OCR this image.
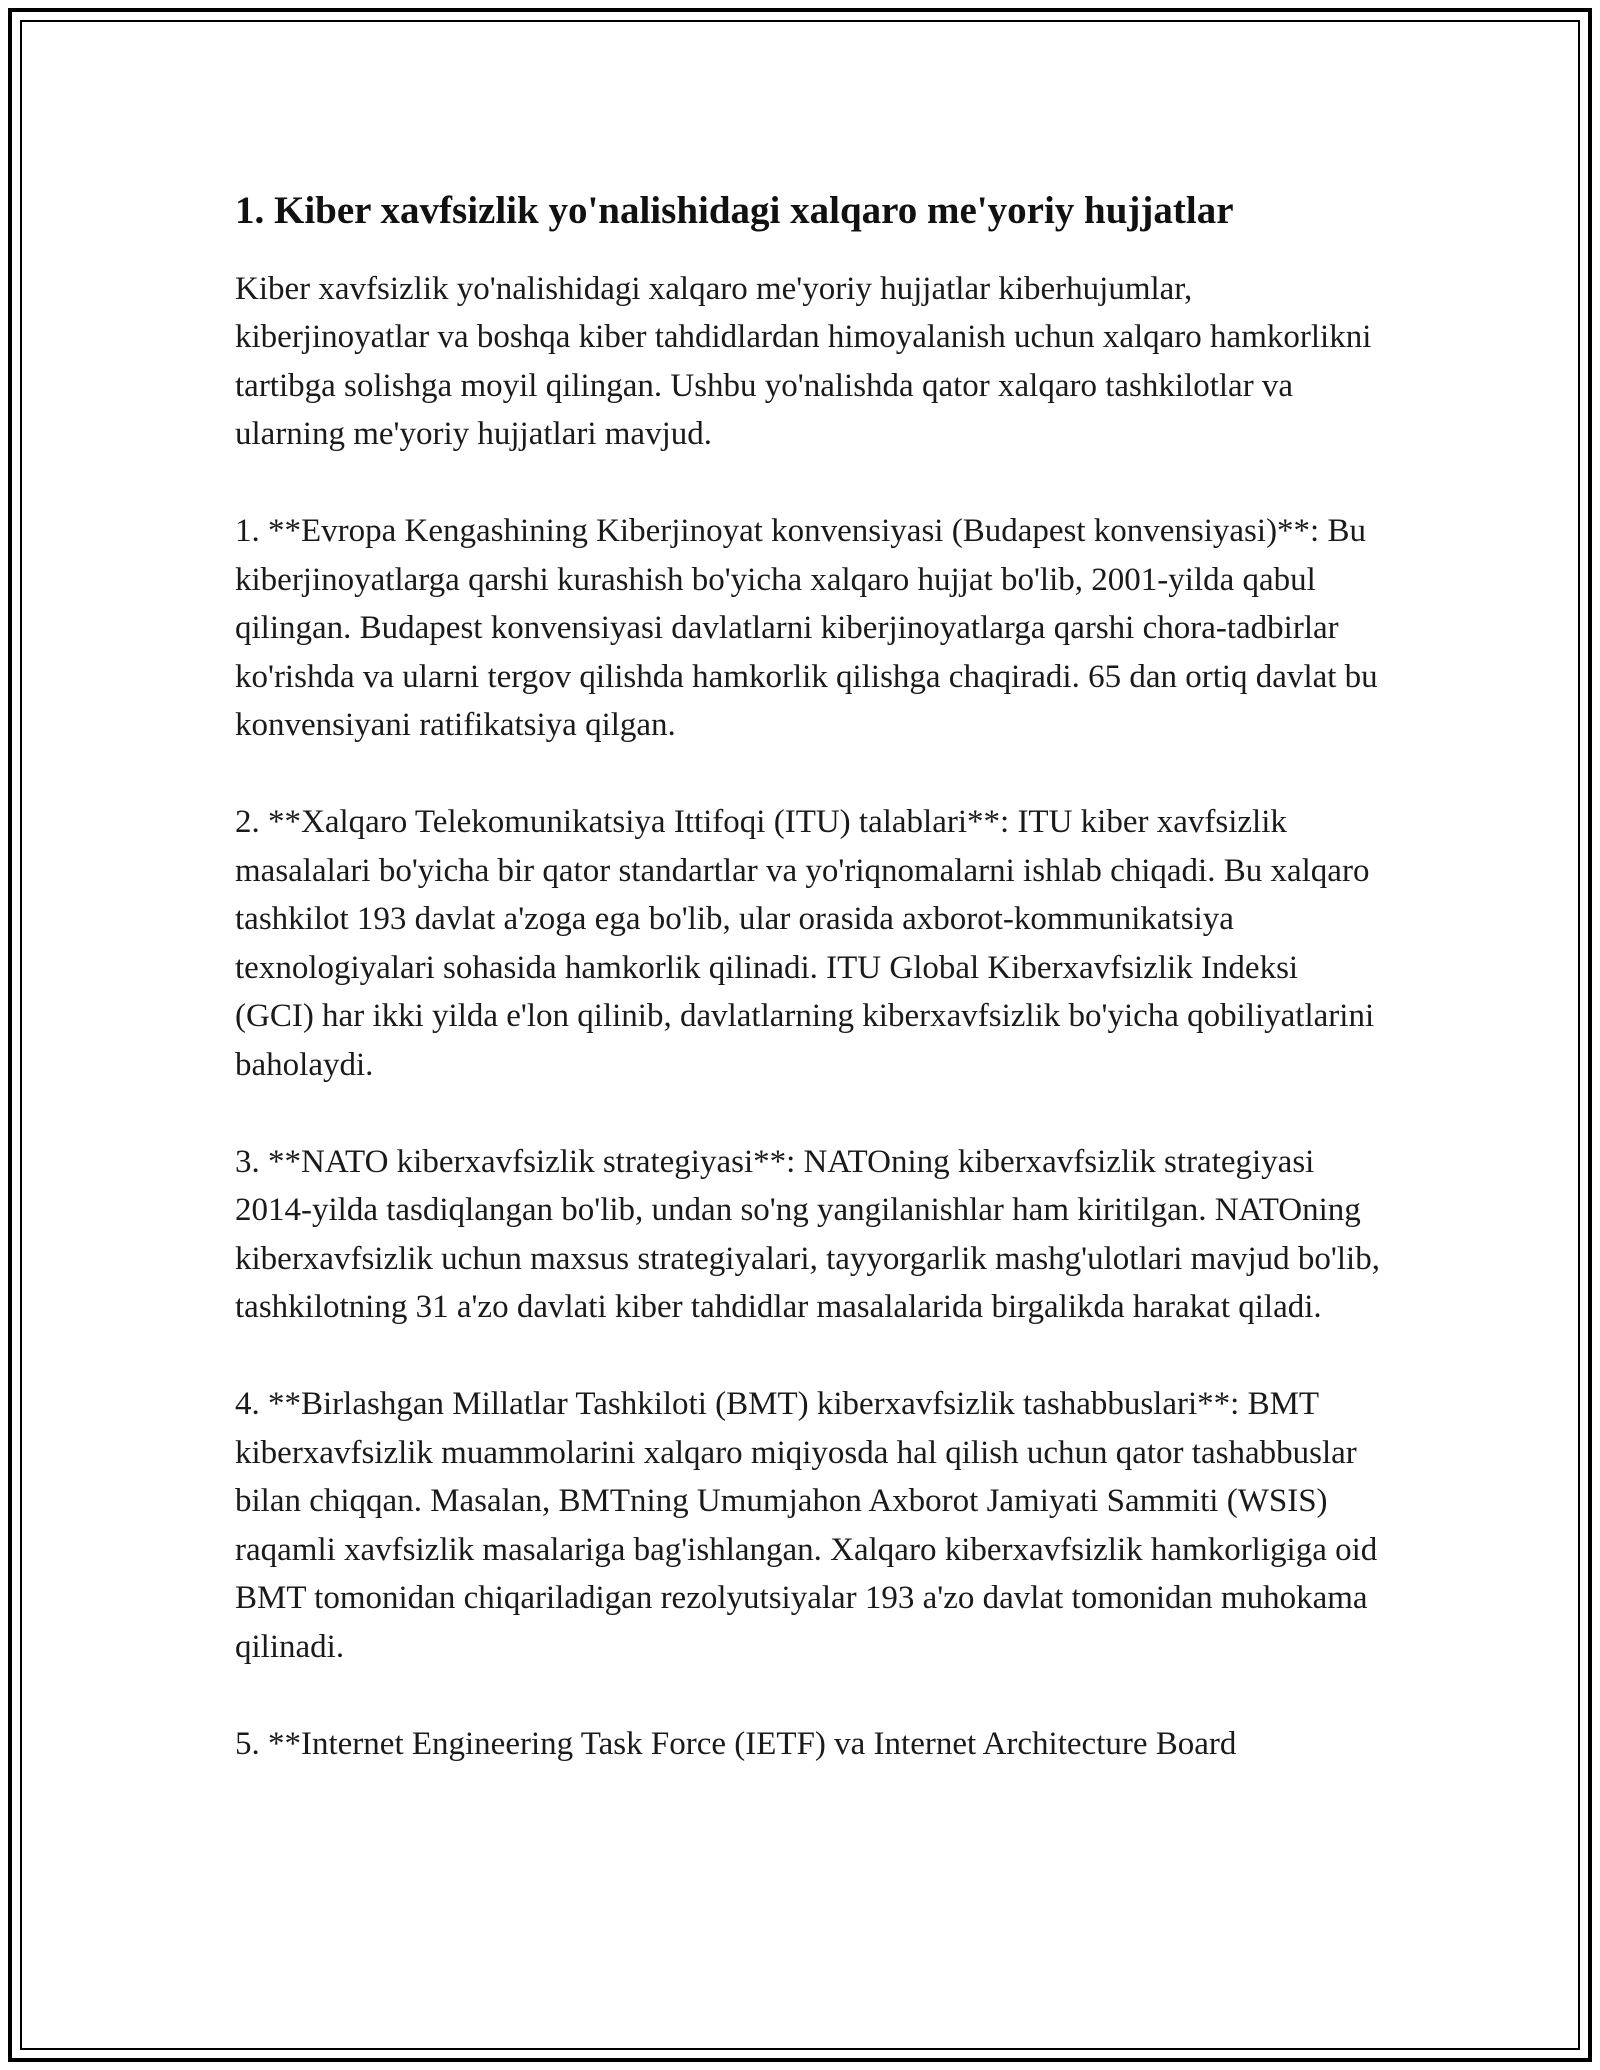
1. Kiber xavfsizlik yo'nalishidagi xalqaro me'yoriy hujjatlar

Kiber xavfsizlik yo'nalishidagi xalqaro me'yoriy hujjatlar kiberhujumlar, kiberjinoyatlar va boshqa kiber tahdidlardan himoyalanish uchun xalqaro hamkorlikni tartibga solishga moyil qilingan. Ushbu yo'nalishda qator xalqaro tashkilotlar va ularning me'yoriy hujjatlari mavjud.

1. **Evropa Kengashining Kiberjinoyat konvensiyasi (Budapest konvensiyasi)**: Bu kiberjinoyatlarga qarshi kurashish bo'yicha xalqaro hujjat bo'lib, 2001-yilda qabul qilingan. Budapest konvensiyasi davlatlarni kiberjinoyatlarga qarshi chora-tadbirlar ko'rishda va ularni tergov qilishda hamkorlik qilishga chaqiradi. 65 dan ortiq davlat bu konvensiyani ratifikatsiya qilgan.

2. **Xalqaro Telekomunikatsiya Ittifoqi (ITU) talablari**: ITU kiber xavfsizlik masalalari bo'yicha bir qator standartlar va yo'riqnomalarni ishlab chiqadi. Bu xalqaro tashkilot 193 davlat a'zoga ega bo'lib, ular orasida axborot-kommunikatsiya texnologiyalari sohasida hamkorlik qilinadi. ITU Global Kiberxavfsizlik Indeksi (GCI) har ikki yilda e'lon qilinib, davlatlarning kiberxavfsizlik bo'yicha qobiliyatlarini baholaydi.

3. **NATO kiberxavfsizlik strategiyasi**: NATOning kiberxavfsizlik strategiyasi 2014-yilda tasdiqlangan bo'lib, undan so'ng yangilanishlar ham kiritilgan. NATOning kiberxavfsizlik uchun maxsus strategiyalari, tayyorgarlik mashg'ulotlari mavjud bo'lib, tashkilotning 31 a'zo davlati kiber tahdidlar masalalarida birgalikda harakat qiladi.

4. **Birlashgan Millatlar Tashkiloti (BMT) kiberxavfsizlik tashabbuslari**: BMT kiberxavfsizlik muammolarini xalqaro miqiyosda hal qilish uchun qator tashabbuslar bilan chiqqan. Masalan, BMTning Umumjahon Axborot Jamiyati Sammiti (WSIS) raqamli xavfsizlik masalariga bag'ishlangan. Xalqaro kiberxavfsizlik hamkorligiga oid BMT tomonidan chiqariladigan rezolyutsiyalar 193 a'zo davlat tomonidan muhokama qilinadi.

5. **Internet Engineering Task Force (IETF) va Internet Architecture Board
